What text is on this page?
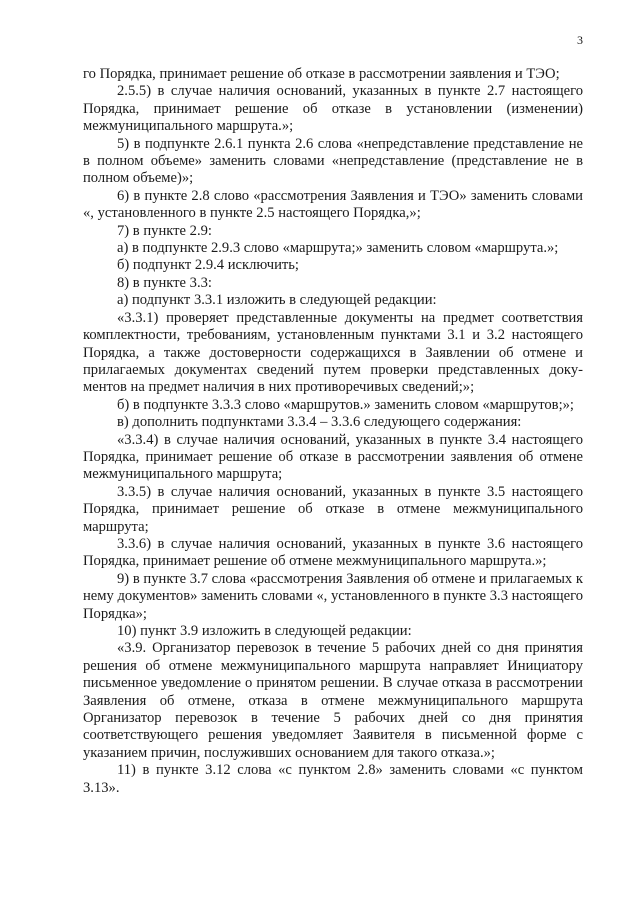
3

го Порядка, принимает решение об отказе в рассмотрении заявления и ТЭО;

2.5.5) в случае наличия оснований, указанных в пункте 2.7 настоящего Порядка, принимает решение об отказе в установлении (изменении) межмуниципального маршрута.»;

5) в подпункте 2.6.1 пункта 2.6 слова «непредставление представление не в полном объеме» заменить словами «непредставление (представление не в полном объеме)»;

6) в пункте 2.8 слово «рассмотрения Заявления и ТЭО» заменить словами «, установленного в пункте 2.5 настоящего Порядка,»;

7) в пункте 2.9:

а) в подпункте 2.9.3 слово «маршрута;» заменить словом «маршрута.»;

б) подпункт 2.9.4 исключить;

8) в пункте 3.3:

а) подпункт 3.3.1 изложить в следующей редакции:

«3.3.1) проверяет представленные документы на предмет соответствия комплектности, требованиям, установленным пунктами 3.1 и 3.2 настоящего Порядка, а также достоверности содержащихся в Заявлении об отмене и прилагаемых документах сведений путем проверки представленных документов на предмет наличия в них противоречивых сведений;»;

б) в подпункте 3.3.3 слово «маршрутов.» заменить словом «маршрутов;»;

в) дополнить подпунктами 3.3.4 – 3.3.6 следующего содержания:

«3.3.4) в случае наличия оснований, указанных в пункте 3.4 настоящего Порядка, принимает решение об отказе в рассмотрении заявления об отмене межмуниципального маршрута;

3.3.5) в случае наличия оснований, указанных в пункте 3.5 настоящего Порядка, принимает решение об отказе в отмене межмуниципального маршрута;

3.3.6) в случае наличия оснований, указанных в пункте 3.6 настоящего Порядка, принимает решение об отмене межмуниципального маршрута.»;

9) в пункте 3.7 слова «рассмотрения Заявления об отмене и прилагаемых к нему документов» заменить словами «, установленного в пункте 3.3 настоящего Порядка»;

10) пункт 3.9 изложить в следующей редакции:

«3.9. Организатор перевозок в течение 5 рабочих дней со дня принятия решения об отмене межмуниципального маршрута направляет Инициатору письменное уведомление о принятом решении. В случае отказа в рассмотрении Заявления об отмене, отказа в отмене межмуниципального маршрута Организатор перевозок в течение 5 рабочих дней со дня принятия соответствующего решения уведомляет Заявителя в письменной форме с указанием причин, послуживших основанием для такого отказа.»;

11) в пункте 3.12 слова «с пунктом 2.8» заменить словами «с пунктом 3.13».
